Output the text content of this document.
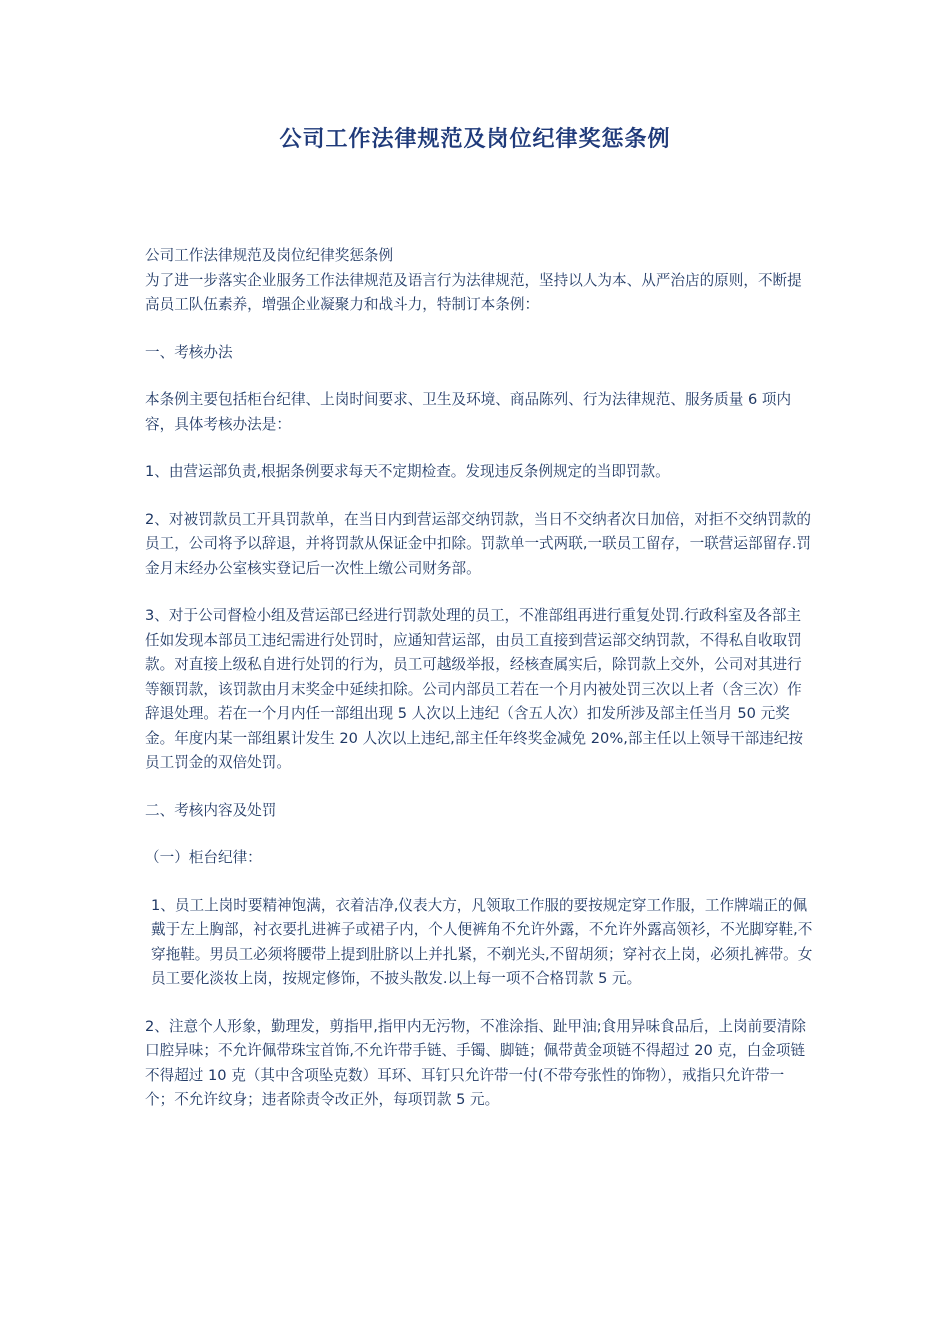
公司工作法律规范及岗位纪律奖惩条例

公司工作法律规范及岗位纪律奖惩条例

为了进一步落实企业服务工作法律规范及语言行为法律规范，坚持以人为本、从严治店的原则，不断提高员工队伍素养，增强企业凝聚力和战斗力，特制订本条例：

一、考核办法

本条例主要包括柜台纪律、上岗时间要求、卫生及环境、商品陈列、行为法律规范、服务质量 6 项内容，具体考核办法是：

1、由营运部负责,根据条例要求每天不定期检查。发现违反条例规定的当即罚款。

2、对被罚款员工开具罚款单，在当日内到营运部交纳罚款，当日不交纳者次日加倍，对拒不交纳罚款的员工，公司将予以辞退，并将罚款从保证金中扣除。罚款单一式两联,一联员工留存，一联营运部留存.罚金月末经办公室核实登记后一次性上缴公司财务部。

3、对于公司督检小组及营运部已经进行罚款处理的员工，不准部组再进行重复处罚.行政科室及各部主任如发现本部员工违纪需进行处罚时，应通知营运部，由员工直接到营运部交纳罚款，不得私自收取罚款。对直接上级私自进行处罚的行为，员工可越级举报，经核查属实后，除罚款上交外，公司对其进行等额罚款，该罚款由月末奖金中延续扣除。公司内部员工若在一个月内被处罚三次以上者（含三次）作辞退处理。若在一个月内任一部组出现 5 人次以上违纪（含五人次）扣发所涉及部主任当月 50 元奖金。年度内某一部组累计发生 20 人次以上违纪,部主任年终奖金减免 20%,部主任以上领导干部违纪按员工罚金的双倍处罚。

二、考核内容及处罚

（一）柜台纪律：

1、员工上岗时要精神饱满，衣着洁净,仪表大方，凡领取工作服的要按规定穿工作服，工作牌端正的佩戴于左上胸部，衬衣要扎进裤子或裙子内，个人便裤角不允许外露，不允许外露高领衫，不光脚穿鞋,不穿拖鞋。男员工必须将腰带上提到肚脐以上并扎紧，不剃光头,不留胡须；穿衬衣上岗，必须扎裤带。女员工要化淡妆上岗，按规定修饰，不披头散发.以上每一项不合格罚款 5 元。

2、注意个人形象，勤理发，剪指甲,指甲内无污物，不准涂指、趾甲油;食用异味食品后，上岗前要清除口腔异味；不允许佩带珠宝首饰,不允许带手链、手镯、脚链；佩带黄金项链不得超过 20 克，白金项链不得超过 10 克（其中含项坠克数）耳环、耳钉只允许带一付(不带夸张性的饰物），戒指只允许带一个；不允许纹身；违者除责令改正外，每项罚款 5 元。
